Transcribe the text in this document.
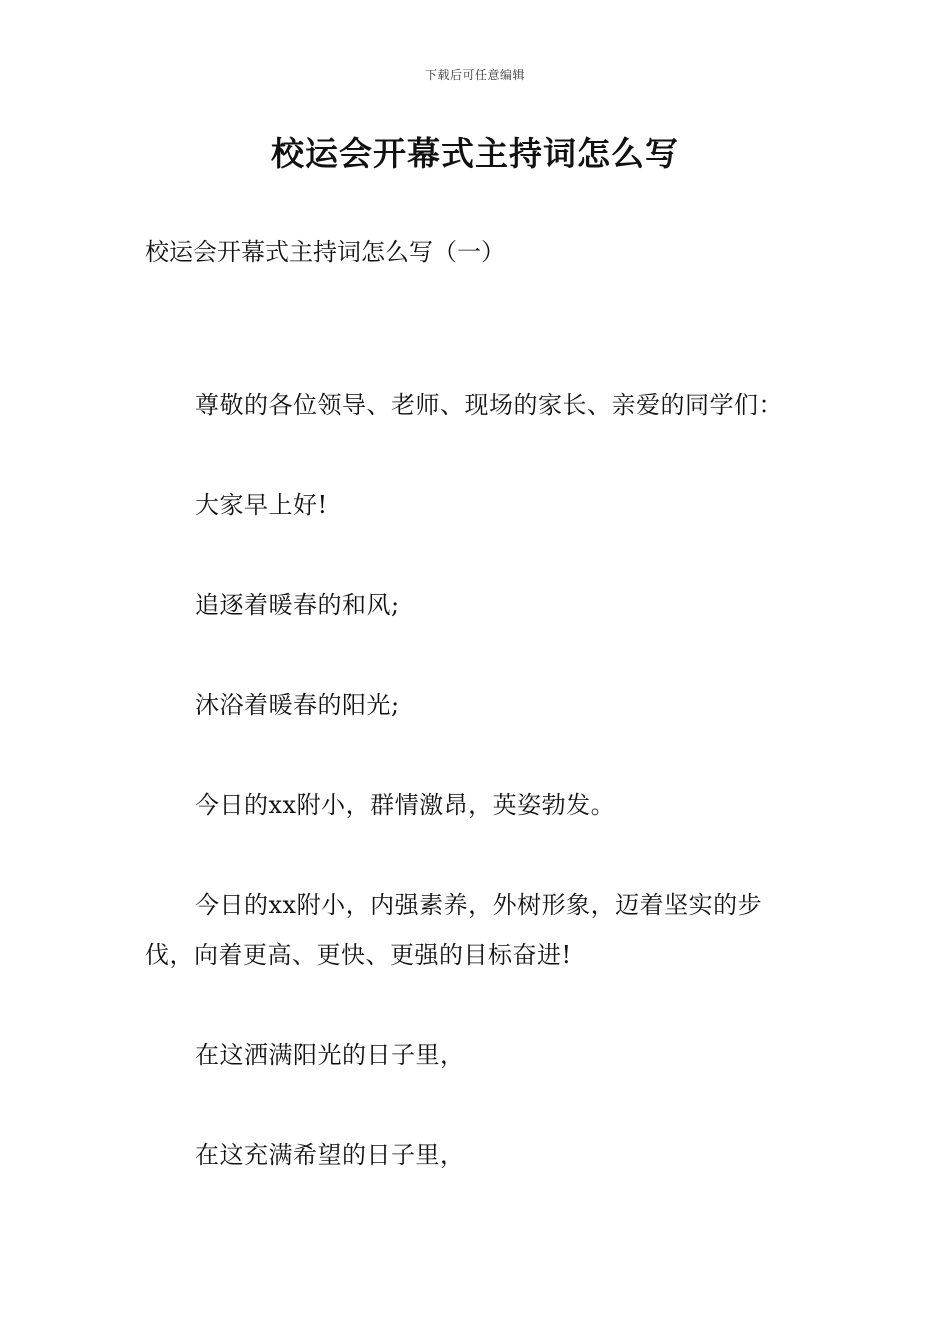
下载后可任意编辑
校运会开幕式主持词怎么写
校运会开幕式主持词怎么写（一）

尊敬的各位领导、老师、现场的家长、亲爱的同学们：

大家早上好!

追逐着暖春的和风;

沐浴着暖春的阳光;

今日的xx附小，群情激昂，英姿勃发。

今日的xx附小，内强素养，外树形象，迈着坚实的步伐，向着更高、更快、更强的目标奋进!

在这洒满阳光的日子里，

在这充满希望的日子里，
